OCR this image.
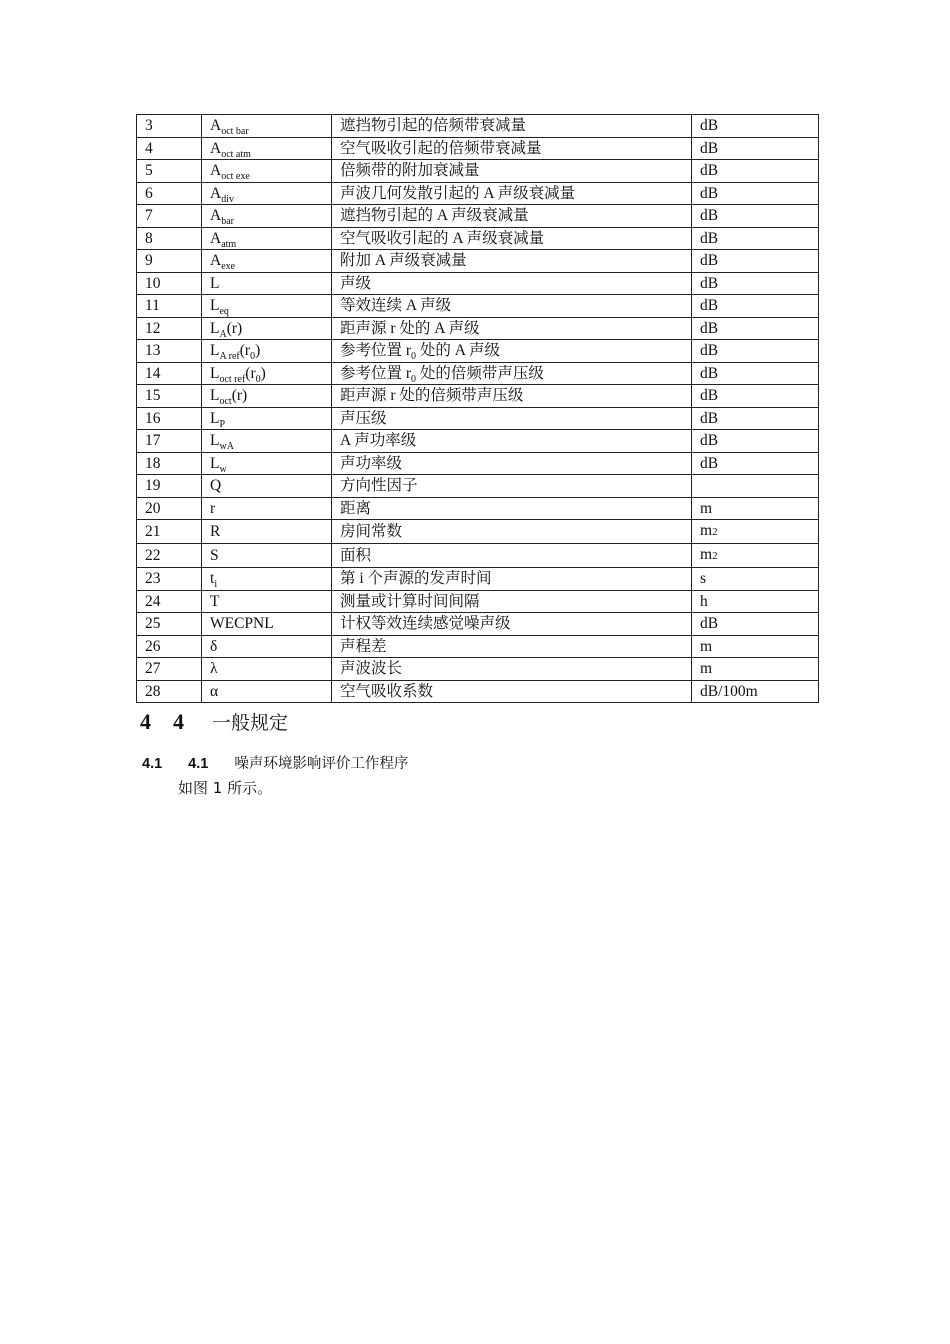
3	$A_{oct bar}$	遮挡物引起的倍频带衰减量	dB
4	$A_{oct atm}$	空气吸收引起的倍频带衰减量	dB
5	$A_{oct exe}$	倍频带的附加衰减量	dB
6	$A_{div}$	声波几何发散引起的 A 声级衰减量	dB
7	$A_{bar}$	遮挡物引起的 A 声级衰减量	dB
8	$A_{atm}$	空气吸收引起的 A 声级衰减量	dB
9	$A_{exe}$	附加 A 声级衰减量	dB
10	L	声级	dB
11	$L_{eq}$	等效连续 A 声级	dB
12	$L_A(r)$	距声源 r 处的 A 声级	dB
13	$L_{A ref}(r_0)$	参考位置 $r_0$ 处的 A 声级	dB
14	$L_{oct ref}(r_0)$	参考位置 $r_0$ 处的倍频带声压级	dB
15	$L_{oct}(r)$	距声源 r 处的倍频带声压级	dB
16	$L_P$	声压级	dB
17	$L_{wA}$	A 声功率级	dB
18	$L_w$	声功率级	dB
19	Q	方向性因子	
20	r	距离	m
21	R	房间常数	m2
22	S	面积	m2
23	$t_i$	第 i 个声源的发声时间	s
24	T	测量或计算时间间隔	h
25	WECPNL	计权等效连续感觉噪声级	dB
26	δ	声程差	m
27	λ	声波波长	m
28	α	空气吸收系数	dB/100m
4 4 一般规定
4.1 4.1 噪声环境影响评价工作程序
如图 1 所示。
